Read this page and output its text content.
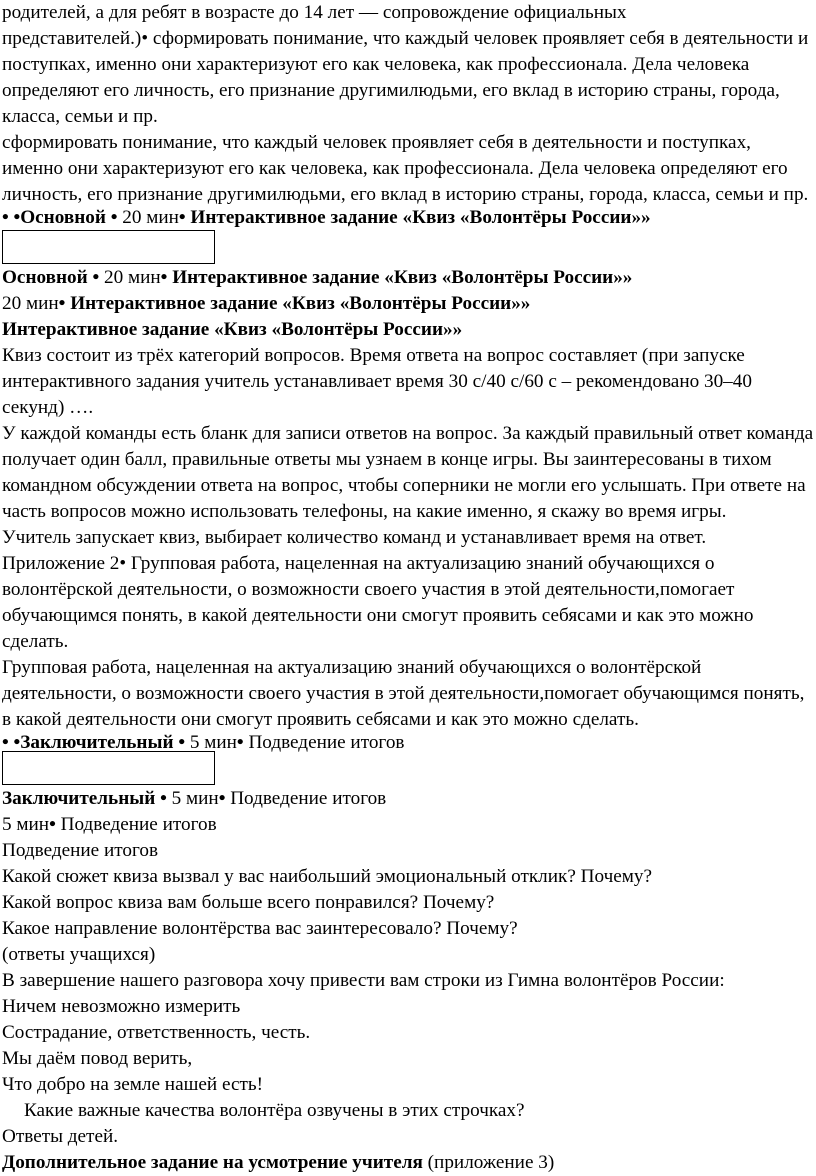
родителей, а для ребят в возрасте до 14 лет — сопровождение официальных
представителей.)• сформировать понимание, что каждый человек проявляет себя в деятельности и
поступках, именно они характеризуют его как человека, как профессионала. Дела человека
определяют его личность, его признание другимилюдьми, его вклад в историю страны, города,
класса, семьи и пр.
сформировать понимание, что каждый человек проявляет себя в деятельности и поступках,
именно они характеризуют его как человека, как профессионала. Дела человека определяют его
личность, его признание другимилюдьми, его вклад в историю страны, города, класса, семьи и пр.
• •Основной • 20 мин• Интерактивное задание «Квиз «Волонтёры России»»
Основной • 20 мин• Интерактивное задание «Квиз «Волонтёры России»»
20 мин• Интерактивное задание «Квиз «Волонтёры России»»
Интерактивное задание «Квиз «Волонтёры России»»
Квиз состоит из трёх категорий вопросов. Время ответа на вопрос составляет (при запуске
интерактивного задания учитель устанавливает время 30 с/40 с/60 с – рекомендовано 30–40
секунд) ….
У каждой команды есть бланк для записи ответов на вопрос. За каждый правильный ответ команда
получает один балл, правильные ответы мы узнаем в конце игры. Вы заинтересованы в тихом
командном обсуждении ответа на вопрос, чтобы соперники не могли его услышать. При ответе на
часть вопросов можно использовать телефоны, на какие именно, я скажу во время игры.
Учитель запускает квиз, выбирает количество команд и устанавливает время на ответ.
Приложение 2• Групповая работа, нацеленная на актуализацию знаний обучающихся о
волонтёрской деятельности, о возможности своего участия в этой деятельности,помогает
обучающимся понять, в какой деятельности они смогут проявить себясами и как это можно
сделать.
Групповая работа, нацеленная на актуализацию знаний обучающихся о волонтёрской
деятельности, о возможности своего участия в этой деятельности,помогает обучающимся понять,
в какой деятельности они смогут проявить себясами и как это можно сделать.
• •Заключительный • 5 мин• Подведение итогов
Заключительный • 5 мин• Подведение итогов
5 мин• Подведение итогов
Подведение итогов
Какой сюжет квиза вызвал у вас наибольший эмоциональный отклик? Почему?
Какой вопрос квиза вам больше всего понравился? Почему?
Какое направление волонтёрства вас заинтересовало? Почему?
(ответы учащихся)
В завершение нашего разговора хочу привести вам строки из Гимна волонтёров России:
Ничем невозможно измерить
Сострадание, ответственность, честь.
Мы даём повод верить,
Что добро на земле нашей есть!
Какие важные качества волонтёра озвучены в этих строчках?
Ответы детей.
Дополнительное задание на усмотрение учителя (приложение 3)
